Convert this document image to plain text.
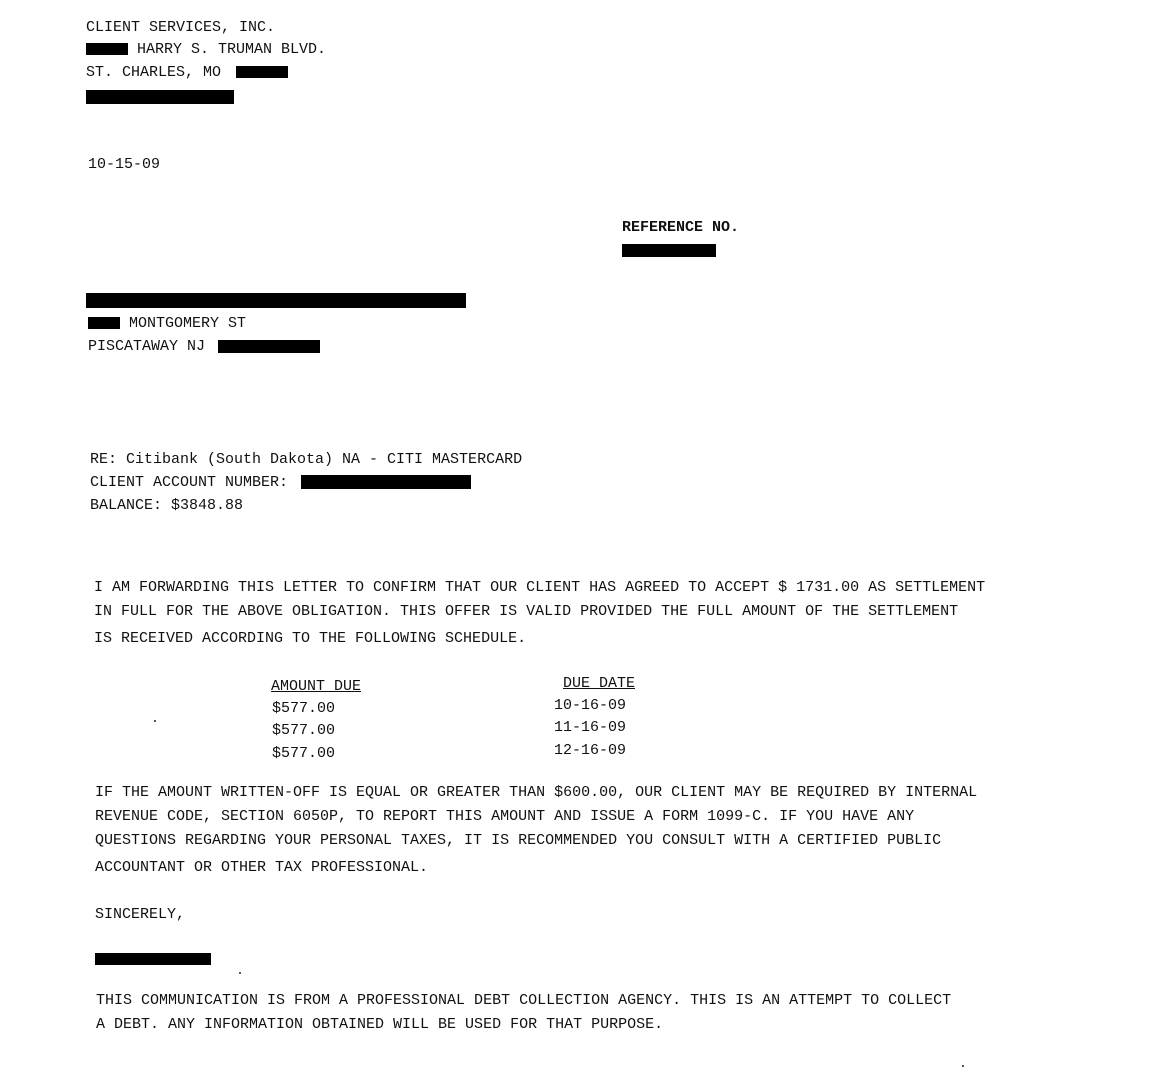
CLIENT SERVICES, INC.
HARRY S. TRUMAN BLVD.
ST. CHARLES, MO
10-15-09
REFERENCE NO.
MONTGOMERY ST
PISCATAWAY NJ
RE: Citibank (South Dakota) NA - CITI MASTERCARD
CLIENT ACCOUNT NUMBER:
BALANCE: $3848.88
I AM FORWARDING THIS LETTER TO CONFIRM THAT OUR CLIENT HAS AGREED TO ACCEPT $ 1731.00 AS SETTLEMENT
IN FULL FOR THE ABOVE OBLIGATION. THIS OFFER IS VALID PROVIDED THE FULL AMOUNT OF THE SETTLEMENT
IS RECEIVED ACCORDING TO THE FOLLOWING SCHEDULE.
AMOUNT DUE	DUE DATE
$577.00	10-16-09
$577.00	11-16-09
$577.00	12-16-09
IF THE AMOUNT WRITTEN-OFF IS EQUAL OR GREATER THAN $600.00, OUR CLIENT MAY BE REQUIRED BY INTERNAL
REVENUE CODE, SECTION 6050P, TO REPORT THIS AMOUNT AND ISSUE A FORM 1099-C. IF YOU HAVE ANY
QUESTIONS REGARDING YOUR PERSONAL TAXES, IT IS RECOMMENDED YOU CONSULT WITH A CERTIFIED PUBLIC
ACCOUNTANT OR OTHER TAX PROFESSIONAL.
SINCERELY,
THIS COMMUNICATION IS FROM A PROFESSIONAL DEBT COLLECTION AGENCY. THIS IS AN ATTEMPT TO COLLECT
A DEBT. ANY INFORMATION OBTAINED WILL BE USED FOR THAT PURPOSE.
